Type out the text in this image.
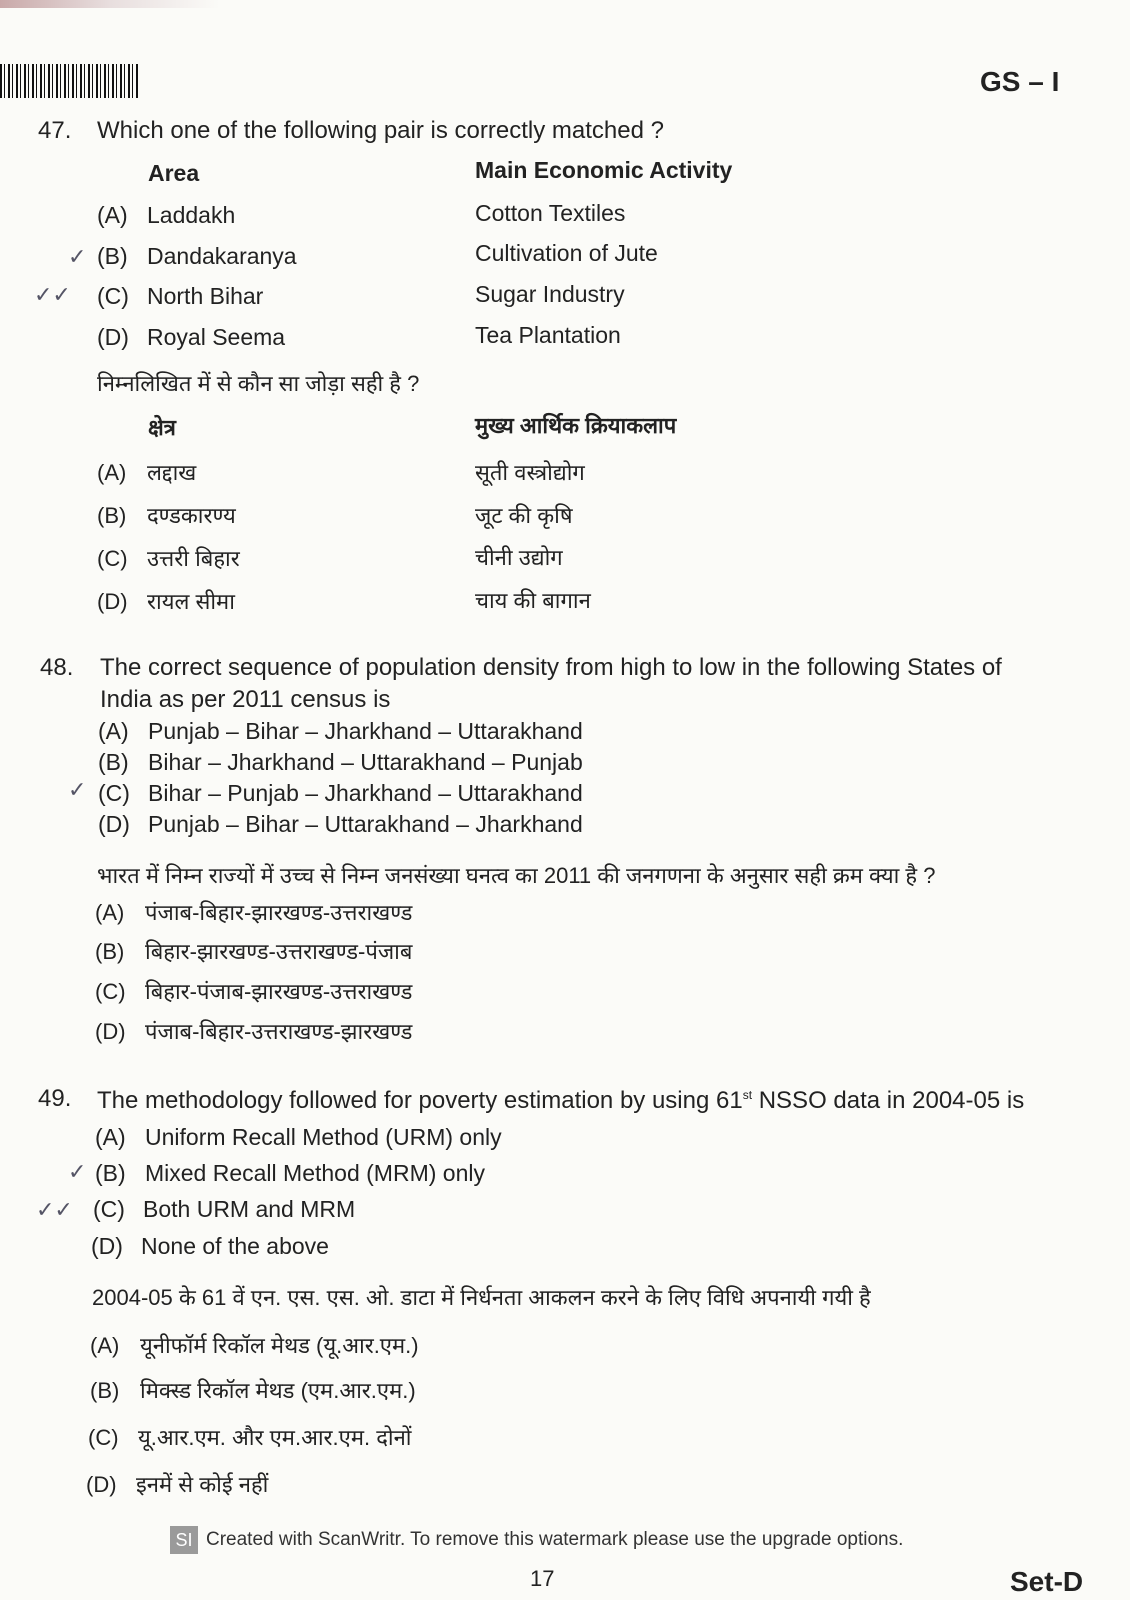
GS – I
47. Which one of the following pair is correctly matched ?
Area	Main Economic Activity
(A) Laddakh	Cotton Textiles
(B) Dandakaranya	Cultivation of Jute
(C) North Bihar	Sugar Industry
(D) Royal Seema	Tea Plantation
✓
✓✓
निम्नलिखित में से कौन सा जोड़ा सही है ?
क्षेत्र	मुख्य आर्थिक क्रियाकलाप
(A) लद्दाख	सूती वस्त्रोद्योग
(B) दण्डकारण्य	जूट की कृषि
(C) उत्तरी बिहार	चीनी उद्योग
(D) रायल सीमा	चाय की बागान
48. The correct sequence of population density from high to low in the following States of
India as per 2011 census is
(A) Punjab – Bihar – Jharkhand – Uttarakhand
(B) Bihar – Jharkhand – Uttarakhand – Punjab
(C) Bihar – Punjab – Jharkhand – Uttarakhand
(D) Punjab – Bihar – Uttarakhand – Jharkhand
✓
भारत में निम्न राज्यों में उच्च से निम्न जनसंख्या घनत्व का 2011 की जनगणना के अनुसार सही क्रम क्या है ?
(A) पंजाब-बिहार-झारखण्ड-उत्तराखण्ड
(B) बिहार-झारखण्ड-उत्तराखण्ड-पंजाब
(C) बिहार-पंजाब-झारखण्ड-उत्तराखण्ड
(D) पंजाब-बिहार-उत्तराखण्ड-झारखण्ड
49. The methodology followed for poverty estimation by using 61st NSSO data in 2004-05 is
(A) Uniform Recall Method (URM) only
(B) Mixed Recall Method (MRM) only
(C) Both URM and MRM
(D) None of the above
✓
✓✓
2004-05 के 61 वें एन. एस. एस. ओ. डाटा में निर्धनता आकलन करने के लिए विधि अपनायी गयी है
(A) यूनीफॉर्म रिकॉल मेथड (यू.आर.एम.)
(B) मिक्स्ड रिकॉल मेथड (एम.आर.एम.)
(C) यू.आर.एम. और एम.आर.एम. दोनों
(D) इनमें से कोई नहीं
SI Created with ScanWritr. To remove this watermark please use the upgrade options.
17	Set-D
